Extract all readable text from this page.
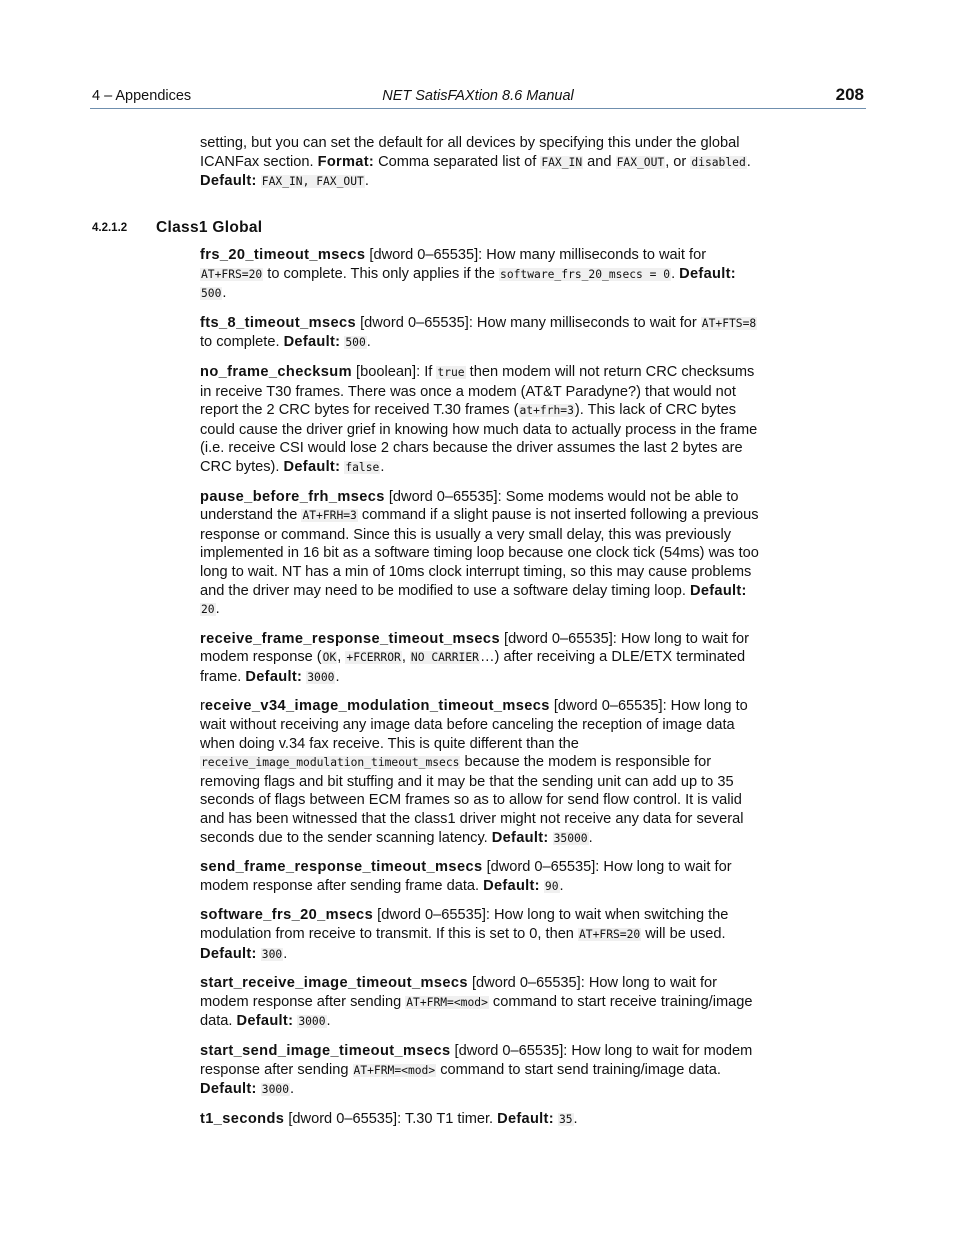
4 – Appendices	NET SatisFAXtion 8.6 Manual	208
setting, but you can set the default for all devices by specifying this under the global ICANFax section. Format: Comma separated list of FAX_IN and FAX_OUT, or disabled. Default: FAX_IN, FAX_OUT.
4.2.1.2 Class1 Global

frs_20_timeout_msecs [dword 0–65535]: How many milliseconds to wait for AT+FRS=20 to complete. This only applies if the software_frs_20_msecs = 0. Default: 500.

fts_8_timeout_msecs [dword 0–65535]: How many milliseconds to wait for AT+FTS=8 to complete. Default: 500.

no_frame_checksum [boolean]: If true then modem will not return CRC checksums in receive T30 frames. There was once a modem (AT&T Paradyne?) that would not report the 2 CRC bytes for received T.30 frames (at+frh=3). This lack of CRC bytes could cause the driver grief in knowing how much data to actually process in the frame (i.e. receive CSI would lose 2 chars because the driver assumes the last 2 bytes are CRC bytes). Default: false.

pause_before_frh_msecs [dword 0–65535]: Some modems would not be able to understand the AT+FRH=3 command if a slight pause is not inserted following a previous response or command. Since this is usually a very small delay, this was previously implemented in 16 bit as a software timing loop because one clock tick (54ms) was too long to wait. NT has a min of 10ms clock interrupt timing, so this may cause problems and the driver may need to be modified to use a software delay timing loop. Default: 20.

receive_frame_response_timeout_msecs [dword 0–65535]: How long to wait for modem response (OK, +FCERROR, NO CARRIER…) after receiving a DLE/ETX terminated frame. Default: 3000.

receive_v34_image_modulation_timeout_msecs [dword 0–65535]: How long to wait without receiving any image data before canceling the reception of image data when doing v.34 fax receive. This is quite different than the receive_image_modulation_timeout_msecs because the modem is responsible for removing flags and bit stuffing and it may be that the sending unit can add up to 35 seconds of flags between ECM frames so as to allow for send flow control. It is valid and has been witnessed that the class1 driver might not receive any data for several seconds due to the sender scanning latency. Default: 35000.

send_frame_response_timeout_msecs [dword 0–65535]: How long to wait for modem response after sending frame data. Default: 90.

software_frs_20_msecs [dword 0–65535]: How long to wait when switching the modulation from receive to transmit. If this is set to 0, then AT+FRS=20 will be used. Default: 300.

start_receive_image_timeout_msecs [dword 0–65535]: How long to wait for modem response after sending AT+FRM=<mod> command to start receive training/image data. Default: 3000.

start_send_image_timeout_msecs [dword 0–65535]: How long to wait for modem response after sending AT+FRM=<mod> command to start send training/image data. Default: 3000.

t1_seconds [dword 0–65535]: T.30 T1 timer. Default: 35.
